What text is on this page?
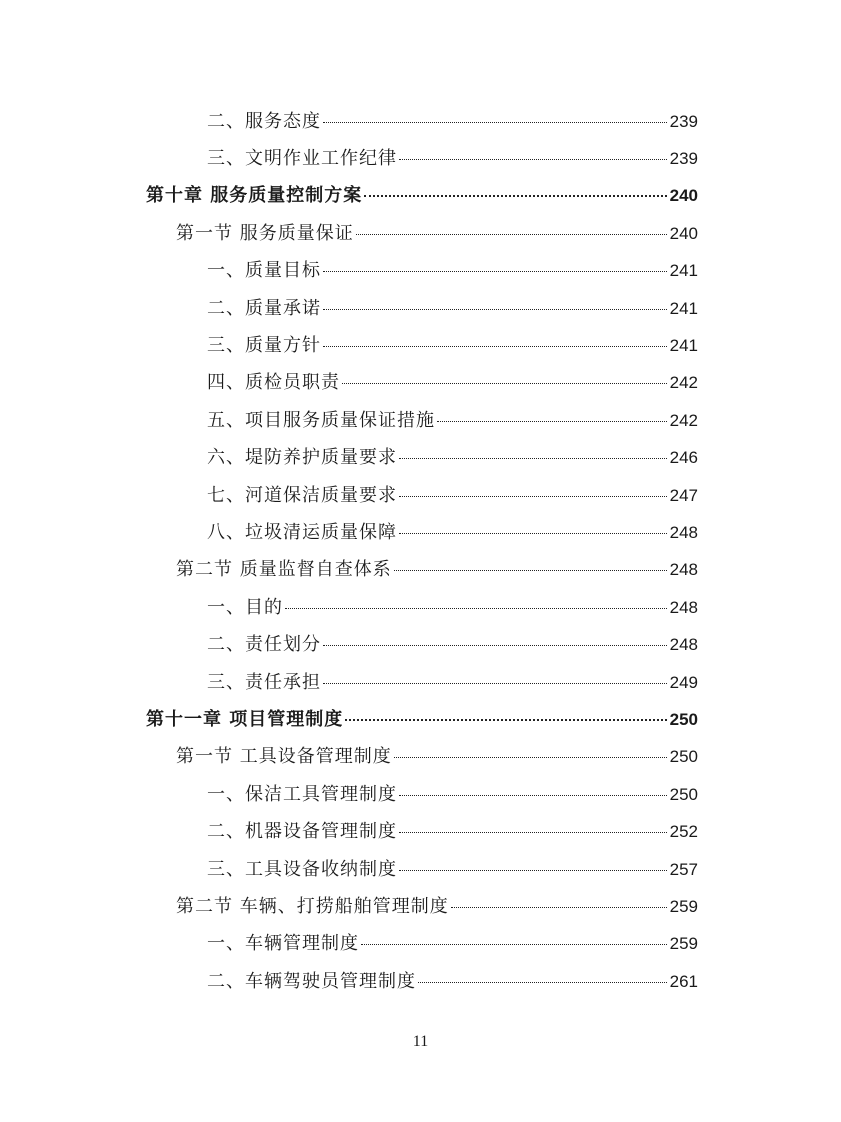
二、 服务态度	239
三、 文明作业工作纪律	239
第十章 服务质量控制方案	240
第一节 服务质量保证	240
一、 质量目标	241
二、 质量承诺	241
三、 质量方针	241
四、 质检员职责	242
五、 项目服务质量保证措施	242
六、 堤防养护质量要求	246
七、 河道保洁质量要求	247
八、 垃圾清运质量保障	248
第二节 质量监督自查体系	248
一、 目的	248
二、 责任划分	248
三、 责任承担	249
第十一章 项目管理制度	250
第一节 工具设备管理制度	250
一、 保洁工具管理制度	250
二、 机器设备管理制度	252
三、 工具设备收纳制度	257
第二节 车辆、打捞船舶管理制度	259
一、 车辆管理制度	259
二、 车辆驾驶员管理制度	261
11
